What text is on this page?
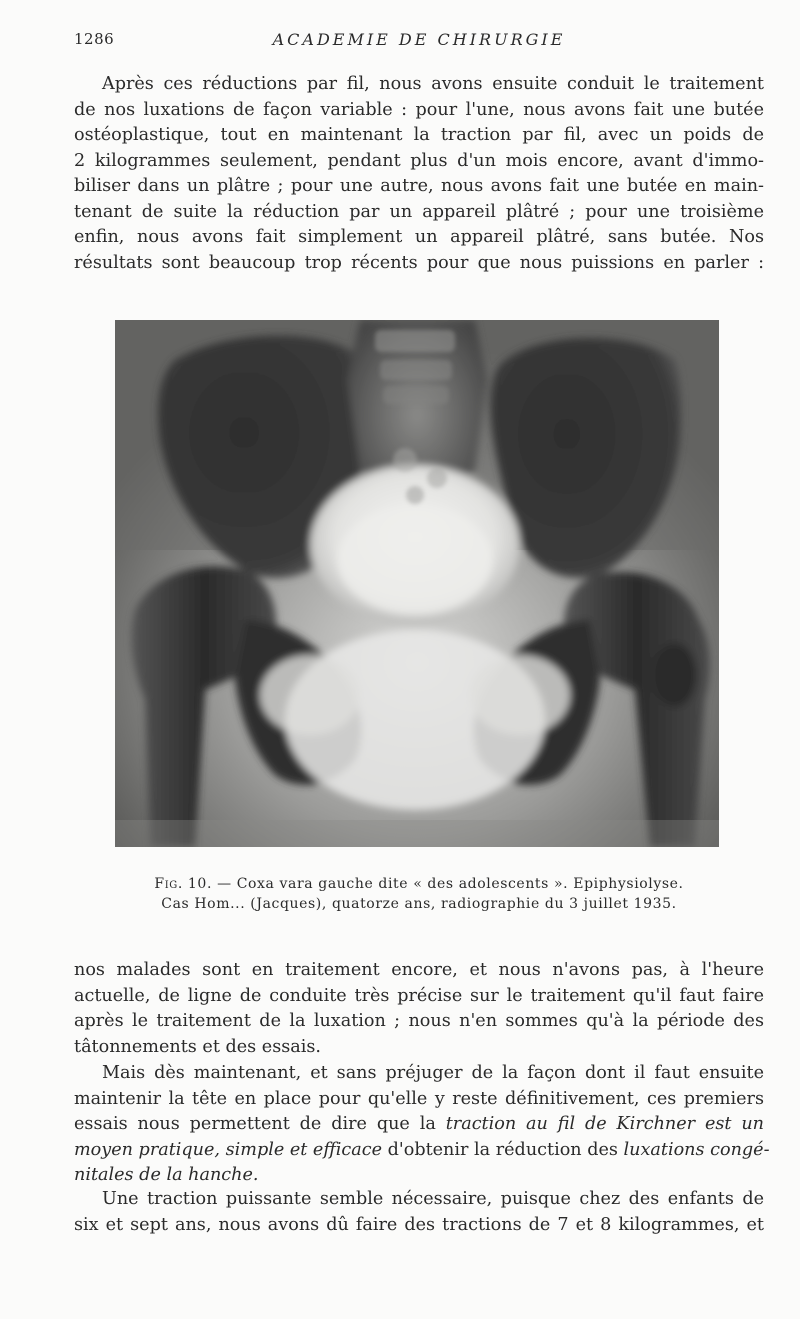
1286	ACADEMIE DE CHIRURGIE

Après ces réductions par fil, nous avons ensuite conduit le traitement
de nos luxations de façon variable : pour l'une, nous avons fait une butée
ostéoplastique, tout en maintenant la traction par fil, avec un poids de
2 kilogrammes seulement, pendant plus d'un mois encore, avant d'immo-
biliser dans un plâtre ; pour une autre, nous avons fait une butée en main-
tenant de suite la réduction par un appareil plâtré ; pour une troisième
enfin, nous avons fait simplement un appareil plâtré, sans butée. Nos
résultats sont beaucoup trop récents pour que nous puissions en parler :

Fig. 10. — Coxa vara gauche dite « des adolescents ». Epiphysiolyse.
Cas Hom... (Jacques), quatorze ans, radiographie du 3 juillet 1935.

nos malades sont en traitement encore, et nous n'avons pas, à l'heure
actuelle, de ligne de conduite très précise sur le traitement qu'il faut faire
après le traitement de la luxation ; nous n'en sommes qu'à la période des
tâtonnements et des essais.

Mais dès maintenant, et sans préjuger de la façon dont il faut ensuite
maintenir la tête en place pour qu'elle y reste définitivement, ces premiers
essais nous permettent de dire que la traction au fil de Kirchner est un
moyen pratique, simple et efficace d'obtenir la réduction des luxations congé-
nitales de la hanche.

Une traction puissante semble nécessaire, puisque chez des enfants de
six et sept ans, nous avons dû faire des tractions de 7 et 8 kilogrammes, et
